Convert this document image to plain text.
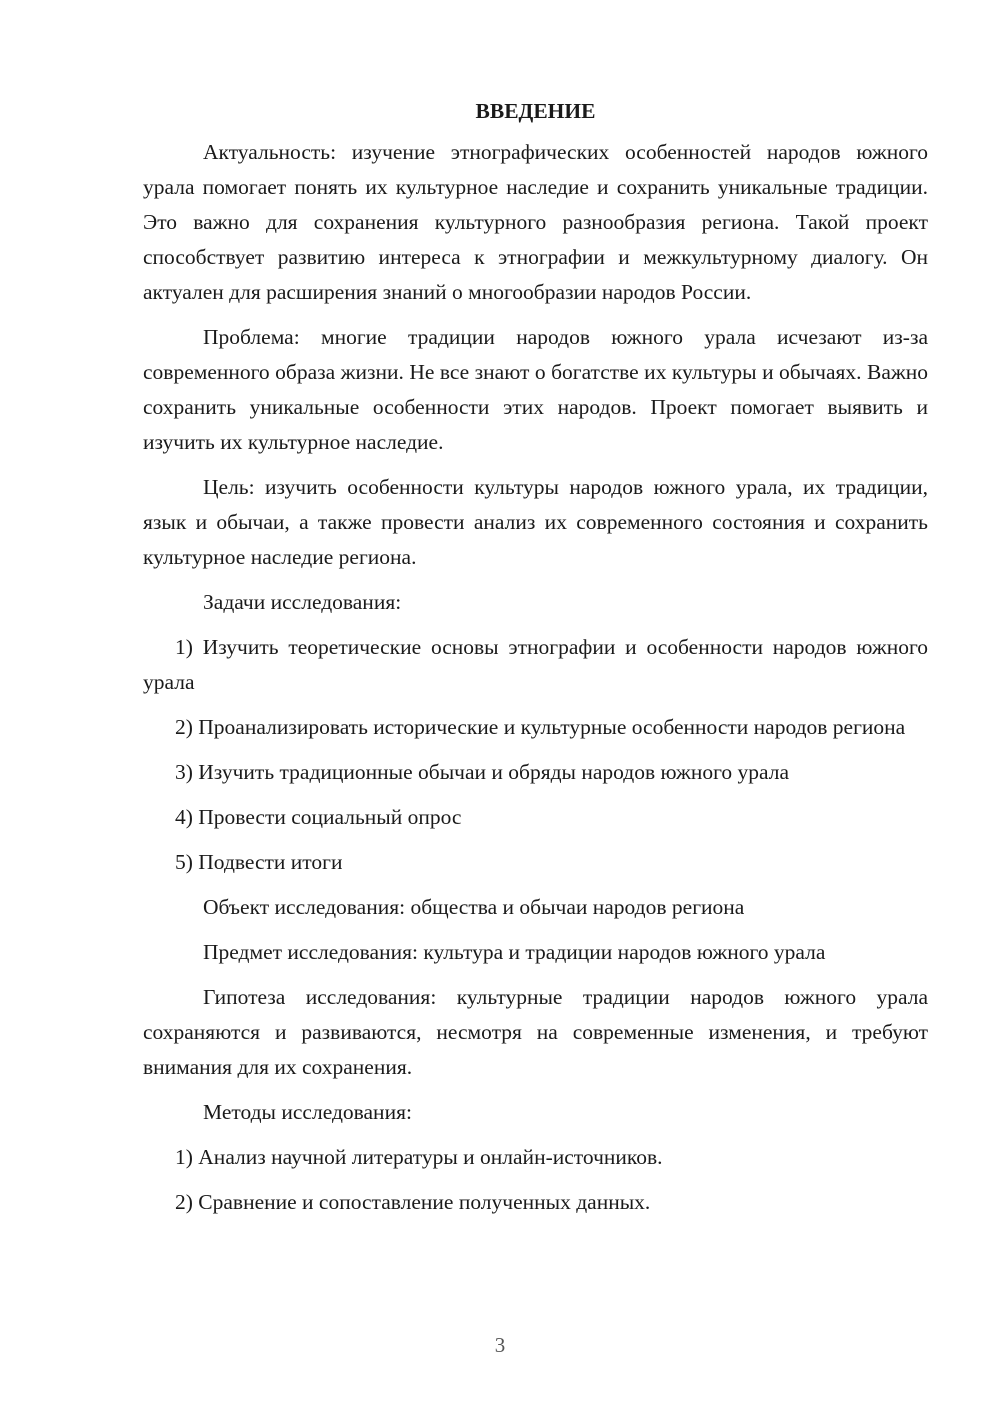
ВВЕДЕНИЕ

Актуальность: изучение этнографических особенностей народов южного урала помогает понять их культурное наследие и сохранить уникальные традиции. Это важно для сохранения культурного разнообразия региона. Такой проект способствует развитию интереса к этнографии и межкультурному диалогу. Он актуален для расширения знаний о многообразии народов России.

Проблема: многие традиции народов южного урала исчезают из-за современного образа жизни. Не все знают о богатстве их культуры и обычаях. Важно сохранить уникальные особенности этих народов. Проект помогает выявить и изучить их культурное наследие.

Цель: изучить особенности культуры народов южного урала, их традиции, язык и обычаи, а также провести анализ их современного состояния и сохранить культурное наследие региона.

Задачи исследования:

1) Изучить теоретические основы этнографии и особенности народов южного урала

2) Проанализировать исторические и культурные особенности народов региона

3) Изучить традиционные обычаи и обряды народов южного урала

4) Провести социальный опрос

5) Подвести итоги

Объект исследования: общества и обычаи народов региона

Предмет исследования: культура и традиции народов южного урала

Гипотеза исследования: культурные традиции народов южного урала сохраняются и развиваются, несмотря на современные изменения, и требуют внимания для их сохранения.

Методы исследования:

1) Анализ научной литературы и онлайн-источников.

2) Сравнение и сопоставление полученных данных.

3
